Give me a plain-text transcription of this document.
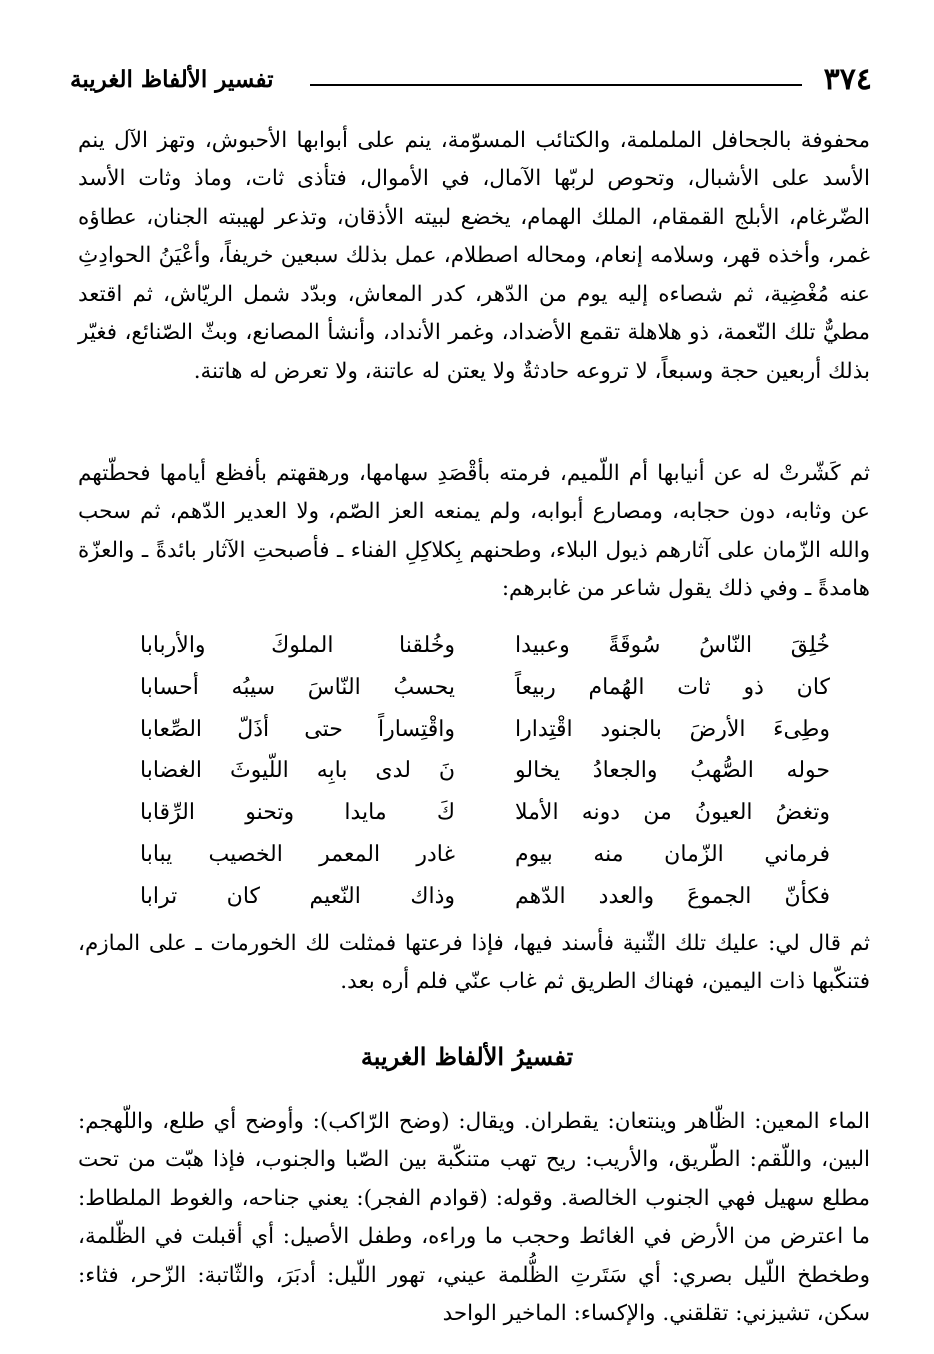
٣٧٤
تفسير الألفاظ الغريبة

محفوفة بالجحافل الململمة، والكتائب المسوّمة، ينم على أبوابها الأحبوش، وتهز الآل ينم الأسد على الأشبال، وتحوص لربّها الآمال، في الأموال، فتأذى ثات، وماذ وثات الأسد الضّرغام، الأبلج القمقام، الملك الهمام، يخضع لبيته الأذقان، وتذعر لهيبته الجنان، عطاؤه غمر، وأخذه قهر، وسلامه إنعام، ومحاله اصطلام، عمل بذلك سبعين خريفاً، وأعْيَنُ الحوادِثِ عنه مُغْضِية، ثم شصاءه إليه يوم من الدّهر، كدر المعاش، وبدّد شمل الريّاش، ثم اقتعد مطيٌّ تلك النّعمة، ذو هلاهلة تقمع الأضداد، وغمر الأنداد، وأنشأ المصانع، وبثّ الصّنائع، فغيّر بذلك أربعين حجة وسبعاً، لا تروعه حادثةٌ ولا يعتن له عاتنة، ولا تعرض له هاتنة.

ثم كَشّرتْ له عن أنيابها أم اللّميم، فرمته بأقْصَدِ سهامها، ورهقهتم بأفظع أيامها فحطّتهم عن وثابه، دون حجابه، ومصارع أبوابه، ولم يمنعه العز الصّم، ولا العدير الدّهم، ثم سحب والله الزّمان على آثارهم ذيول البلاء، وطحنهم بِكلاكِلِ الفناء ـ فأصبحتِ الآثار بائدةً ـ والعزّة هامدةً ـ وفي ذلك يقول شاعر من غابرهم:

خُلِقَ النّاسُ سُوقَةً وعبيدا
وخُلقنا الملوكَ والأربابا
كان ذو ثات الهُمام ربيعاً
يحسبُ النّاسَ سيبُه أحسابا
وطِىءَ الأرضَ بالجنود اقْتِدارا
واقْتِساراً حتى أذَلّ الصِّعابا
حوله الصُّهبُ والجعادُ يخالو
نَ لدى بابِه اللّيوثَ الغضابا
وتغضُ العيونُ من دونه الأملا
كَ مايدا وتحنو الرِّقابا
فرماني الزّمان منه بيوم
غادر المعمر الخصيب يبابا
فكأنّ الجموعَ والعدد الدّهم
وذاك النّعيم كان ترابا

ثم قال لي: عليك تلك الثّنية فأسند فيها، فإذا فرعتها فمثلت لك الخورمات ـ على المازم، فتنكّبها ذات اليمين، فهناك الطريق ثم غاب عنّي فلم أره بعد.

تفسيرُ الألفاظ الغريبة

الماء المعين: الظّاهر وينتعان: يقطران. ويقال: (وضح الرّاكب): وأوضح أي طلع، واللّهجم: البين، واللّقم: الطّريق، والأريب: ريح تهب متنكّبة بين الصّبا والجنوب، فإذا هبّت من تحت مطلع سهيل فهي الجنوب الخالصة. وقوله: (قوادم الفجر): يعني جناحه، والغوط الملطاط: ما اعترض من الأرض في الغائط وحجب ما وراءه، وطفل الأصيل: أي أقبلت في الظّلمة، وطخطخ اللّيل بصري: أي سَتَرتِ الظُّلمة عيني، تهور اللّيل: أدبَرَ، والثّاتبة: الزّحر، فثاء: سكن، تشيزني: تقلقني. والإكساء: الماخير الواحد
